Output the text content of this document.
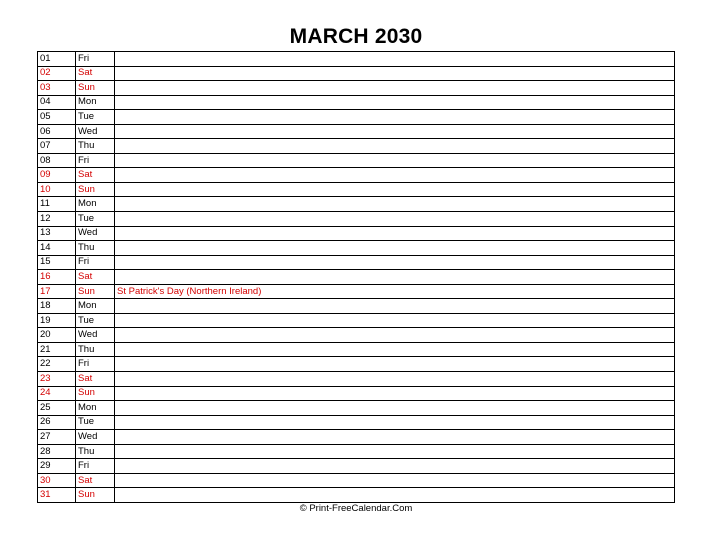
MARCH 2030
01	Fri	
02	Sat	
03	Sun	
04	Mon	
05	Tue	
06	Wed	
07	Thu	
08	Fri	
09	Sat	
10	Sun	
11	Mon	
12	Tue	
13	Wed	
14	Thu	
15	Fri	
16	Sat	
17	Sun	St Patrick's Day (Northern Ireland)
18	Mon	
19	Tue	
20	Wed	
21	Thu	
22	Fri	
23	Sat	
24	Sun	
25	Mon	
26	Tue	
27	Wed	
28	Thu	
29	Fri	
30	Sat	
31	Sun	
© Print-FreeCalendar.Com
